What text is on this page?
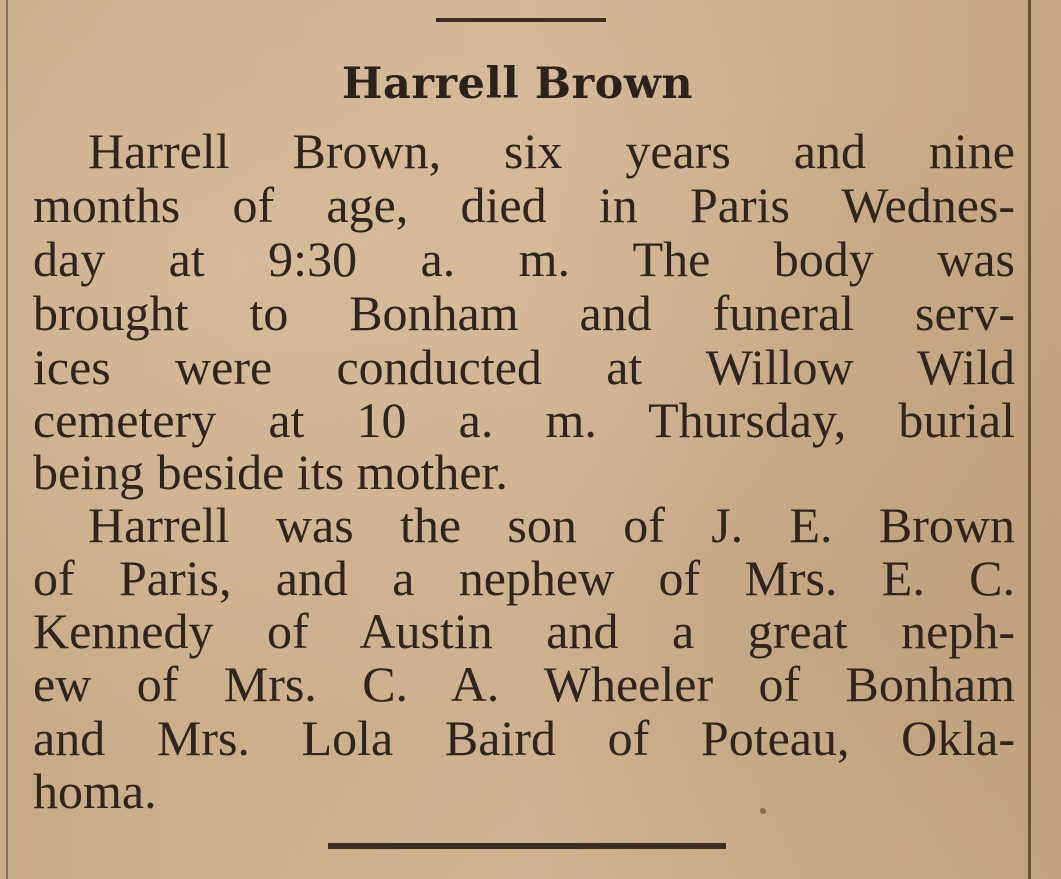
Harrell Brown
Harrell Brown, six years and nine
months of age, died in Paris Wednes-
day at 9:30 a. m. The body was
brought to Bonham and funeral serv-
ices were conducted at Willow Wild
cemetery at 10 a. m. Thursday, burial
being beside its mother.
Harrell was the son of J. E. Brown
of Paris, and a nephew of Mrs. E. C.
Kennedy of Austin and a great neph-
ew of Mrs. C. A. Wheeler of Bonham
and Mrs. Lola Baird of Poteau, Okla-
homa.
